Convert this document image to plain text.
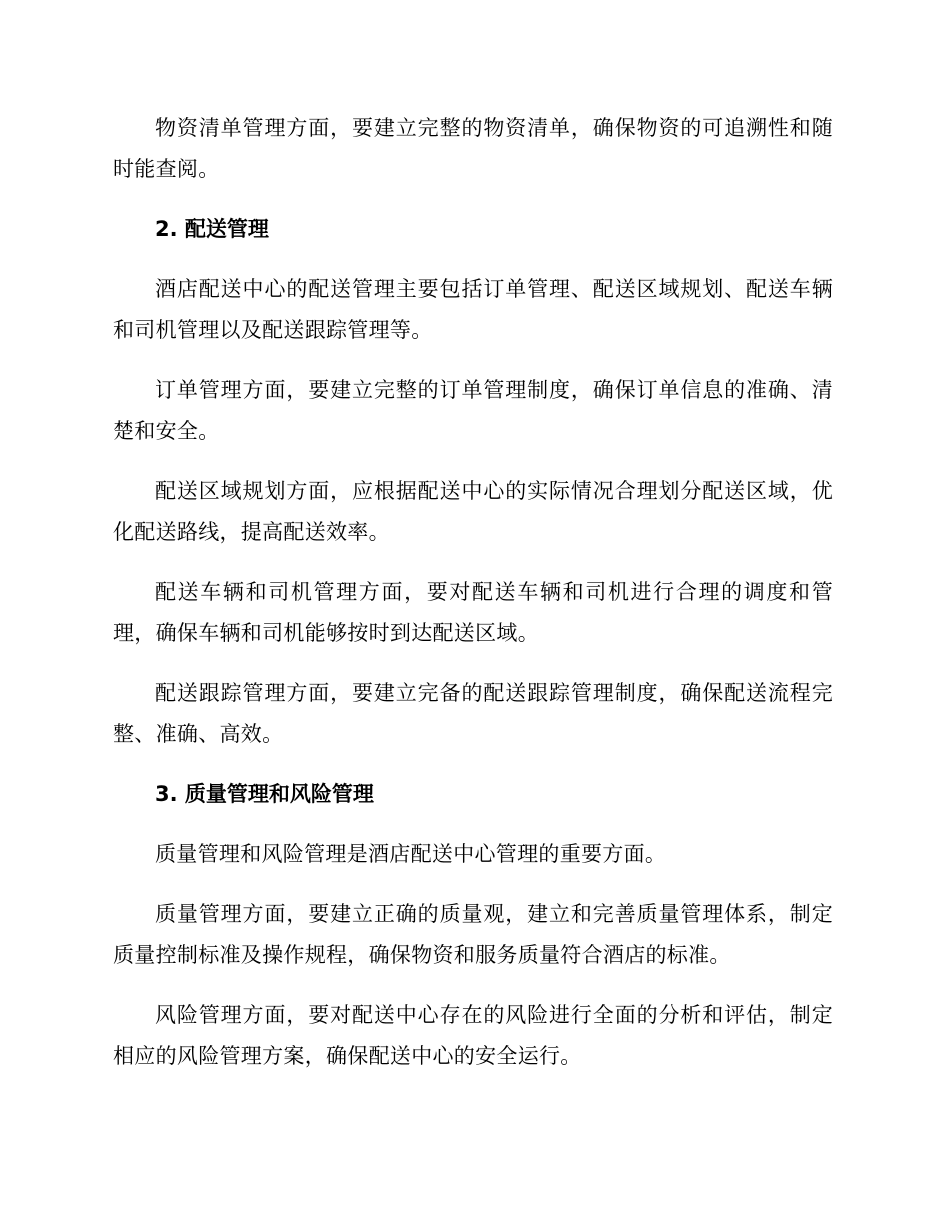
物资清单管理方面，要建立完整的物资清单，确保物资的可追溯性和随时能查阅。

2. 配送管理

酒店配送中心的配送管理主要包括订单管理、配送区域规划、配送车辆和司机管理以及配送跟踪管理等。

订单管理方面，要建立完整的订单管理制度，确保订单信息的准确、清楚和安全。

配送区域规划方面，应根据配送中心的实际情况合理划分配送区域，优化配送路线，提高配送效率。

配送车辆和司机管理方面，要对配送车辆和司机进行合理的调度和管理，确保车辆和司机能够按时到达配送区域。

配送跟踪管理方面，要建立完备的配送跟踪管理制度，确保配送流程完整、准确、高效。

3. 质量管理和风险管理

质量管理和风险管理是酒店配送中心管理的重要方面。

质量管理方面，要建立正确的质量观，建立和完善质量管理体系，制定质量控制标准及操作规程，确保物资和服务质量符合酒店的标准。

风险管理方面，要对配送中心存在的风险进行全面的分析和评估，制定相应的风险管理方案，确保配送中心的安全运行。
